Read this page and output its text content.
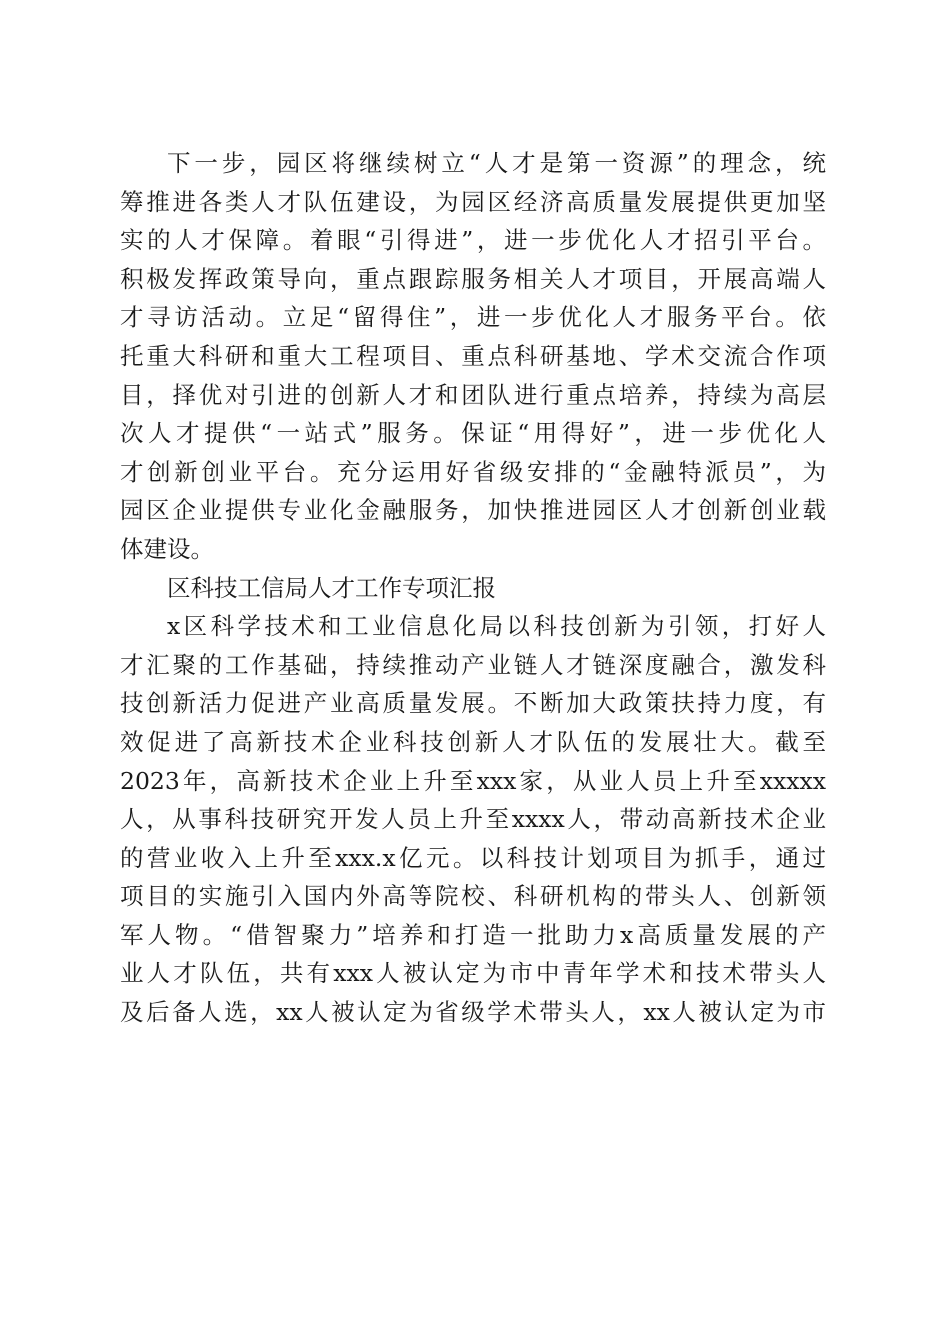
下一步，园区将继续树立“人才是第一资源”的理念，统
筹推进各类人才队伍建设，为园区经济高质量发展提供更加坚
实的人才保障。着眼“引得进”，进一步优化人才招引平台。
积极发挥政策导向，重点跟踪服务相关人才项目，开展高端人
才寻访活动。立足“留得住”，进一步优化人才服务平台。依
托重大科研和重大工程项目、重点科研基地、学术交流合作项
目，择优对引进的创新人才和团队进行重点培养，持续为高层
次人才提供“一站式”服务。保证“用得好”，进一步优化人
才创新创业平台。充分运用好省级安排的“金融特派员”，为
园区企业提供专业化金融服务，加快推进园区人才创新创业载
体建设。
区科技工信局人才工作专项汇报
x区科学技术和工业信息化局以科技创新为引领，打好人
才汇聚的工作基础，持续推动产业链人才链深度融合，激发科
技创新活力促进产业高质量发展。不断加大政策扶持力度，有
效促进了高新技术企业科技创新人才队伍的发展壮大。截至
2023年，高新技术企业上升至xxx家，从业人员上升至xxxxx
人，从事科技研究开发人员上升至xxxx人，带动高新技术企业
的营业收入上升至xxx.x亿元。以科技计划项目为抓手，通过
项目的实施引入国内外高等院校、科研机构的带头人、创新领
军人物。“借智聚力”培养和打造一批助力x高质量发展的产
业人才队伍，共有xxx人被认定为市中青年学术和技术带头人
及后备人选，xx人被认定为省级学术带头人，xx人被认定为市
